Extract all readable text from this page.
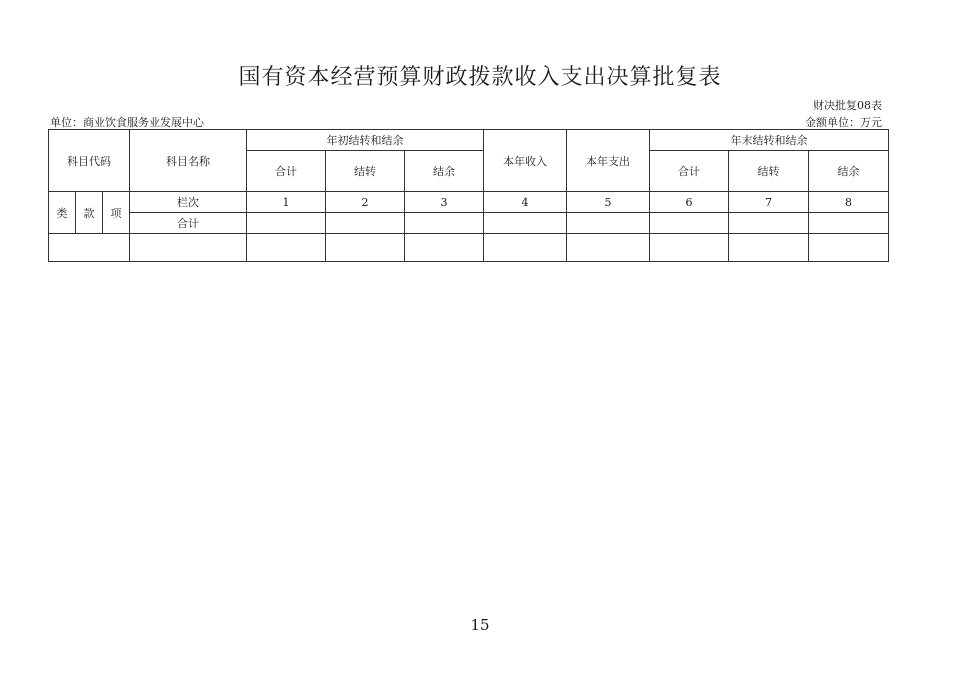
国有资本经营预算财政拨款收入支出决算批复表
财决批复08表
单位：商业饮食服务业发展中心	金额单位：万元
科目代码			科目名称	年初结转和结余			本年收入	本年支出	年末结转和结余		
				合计	结转	结余			合计	结转	结余

类	款	项	栏次	1	2	3	4	5	6	7	8
			合计								

15
